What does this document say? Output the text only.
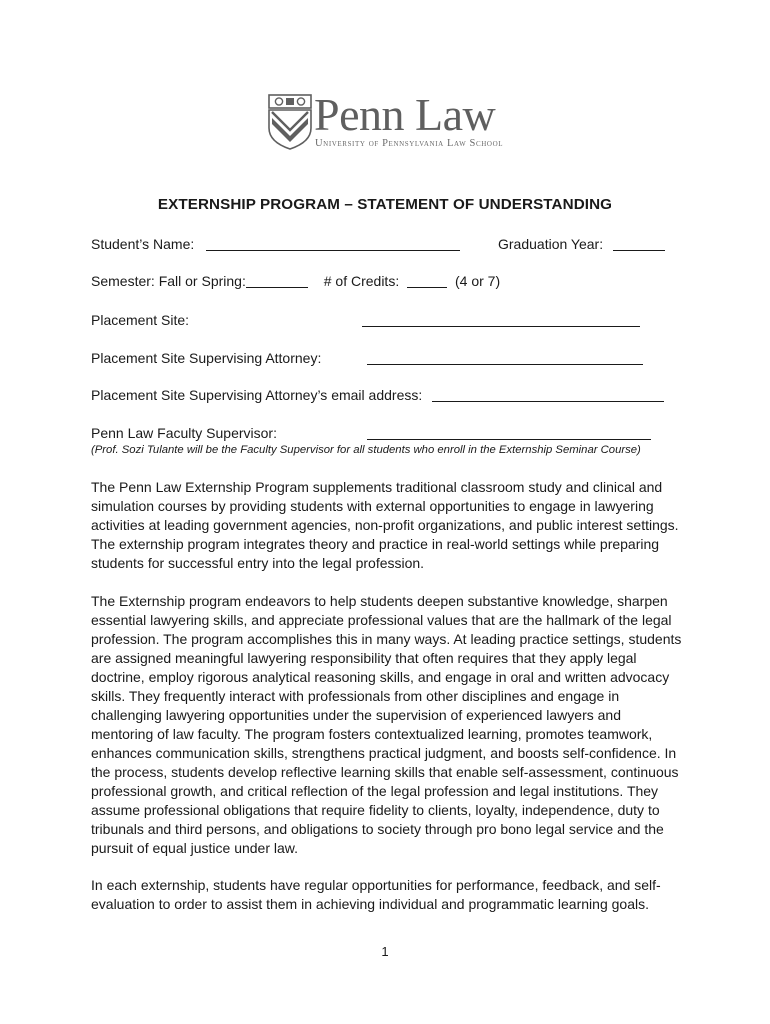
Penn Law
University of Pennsylvania Law School
EXTERNSHIP PROGRAM – STATEMENT OF UNDERSTANDING
Student’s Name:	Graduation Year:
Semester: Fall or Spring:	# of Credits:	(4 or 7)
Placement Site:
Placement Site Supervising Attorney:
Placement Site Supervising Attorney’s email address:
Penn Law Faculty Supervisor:
(Prof. Sozi Tulante will be the Faculty Supervisor for all students who enroll in the Externship Seminar Course)
The Penn Law Externship Program supplements traditional classroom study and clinical and
simulation courses by providing students with external opportunities to engage in lawyering
activities at leading government agencies, non-profit organizations, and public interest settings.
The externship program integrates theory and practice in real-world settings while preparing
students for successful entry into the legal profession.
The Externship program endeavors to help students deepen substantive knowledge, sharpen
essential lawyering skills, and appreciate professional values that are the hallmark of the legal
profession. The program accomplishes this in many ways. At leading practice settings, students
are assigned meaningful lawyering responsibility that often requires that they apply legal
doctrine, employ rigorous analytical reasoning skills, and engage in oral and written advocacy
skills. They frequently interact with professionals from other disciplines and engage in
challenging lawyering opportunities under the supervision of experienced lawyers and
mentoring of law faculty. The program fosters contextualized learning, promotes teamwork,
enhances communication skills, strengthens practical judgment, and boosts self-confidence. In
the process, students develop reflective learning skills that enable self-assessment, continuous
professional growth, and critical reflection of the legal profession and legal institutions. They
assume professional obligations that require fidelity to clients, loyalty, independence, duty to
tribunals and third persons, and obligations to society through pro bono legal service and the
pursuit of equal justice under law.
In each externship, students have regular opportunities for performance, feedback, and self-
evaluation to order to assist them in achieving individual and programmatic learning goals.
1
